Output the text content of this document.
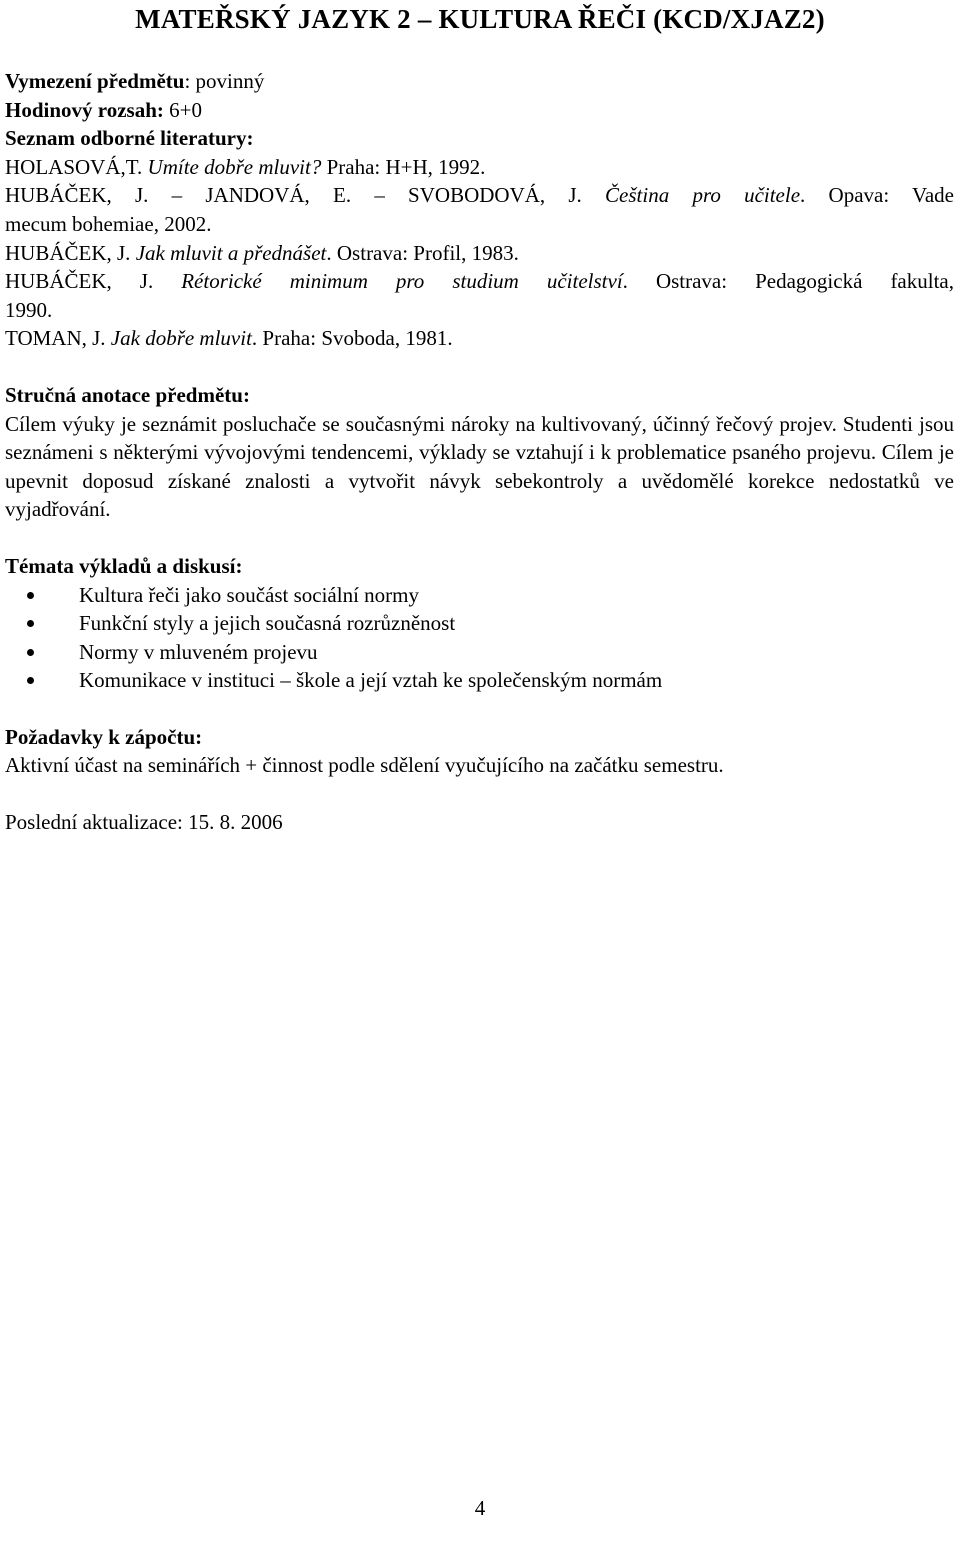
MATEŘSKÝ JAZYK 2 – KULTURA ŘEČI (KCD/XJAZ2)

Vymezení předmětu: povinný

Hodinový rozsah: 6+0

Seznam odborné literatury:

HOLASOVÁ,T. Umíte dobře mluvit? Praha: H+H, 1992.

HUBÁČEK, J. – JANDOVÁ, E. – SVOBODOVÁ, J. Čeština pro učitele. Opava: Vade

mecum bohemiae, 2002.

HUBÁČEK, J. Jak mluvit a přednášet. Ostrava: Profil, 1983.

HUBÁČEK, J. Rétorické minimum pro studium učitelství. Ostrava: Pedagogická fakulta,

1990.

TOMAN, J. Jak dobře mluvit. Praha: Svoboda, 1981.

Stručná anotace předmětu:

Cílem výuky je seznámit posluchače se současnými nároky na kultivovaný, účinný řečový projev. Studenti jsou seznámeni s některými vývojovými tendencemi, výklady se vztahují i k problematice psaného projevu. Cílem je upevnit doposud získané znalosti a vytvořit návyk sebekontroly a uvědomělé korekce nedostatků ve vyjadřování.

Témata výkladů a diskusí:

Kultura řeči jako součást sociální normy
Funkční styly a jejich současná rozrůzněnost
Normy v mluveném projevu
Komunikace v instituci – škole a její vztah ke společenským normám

Požadavky k zápočtu:

Aktivní účast na seminářích + činnost podle sdělení vyučujícího na začátku semestru.

Poslední aktualizace: 15. 8. 2006

4
